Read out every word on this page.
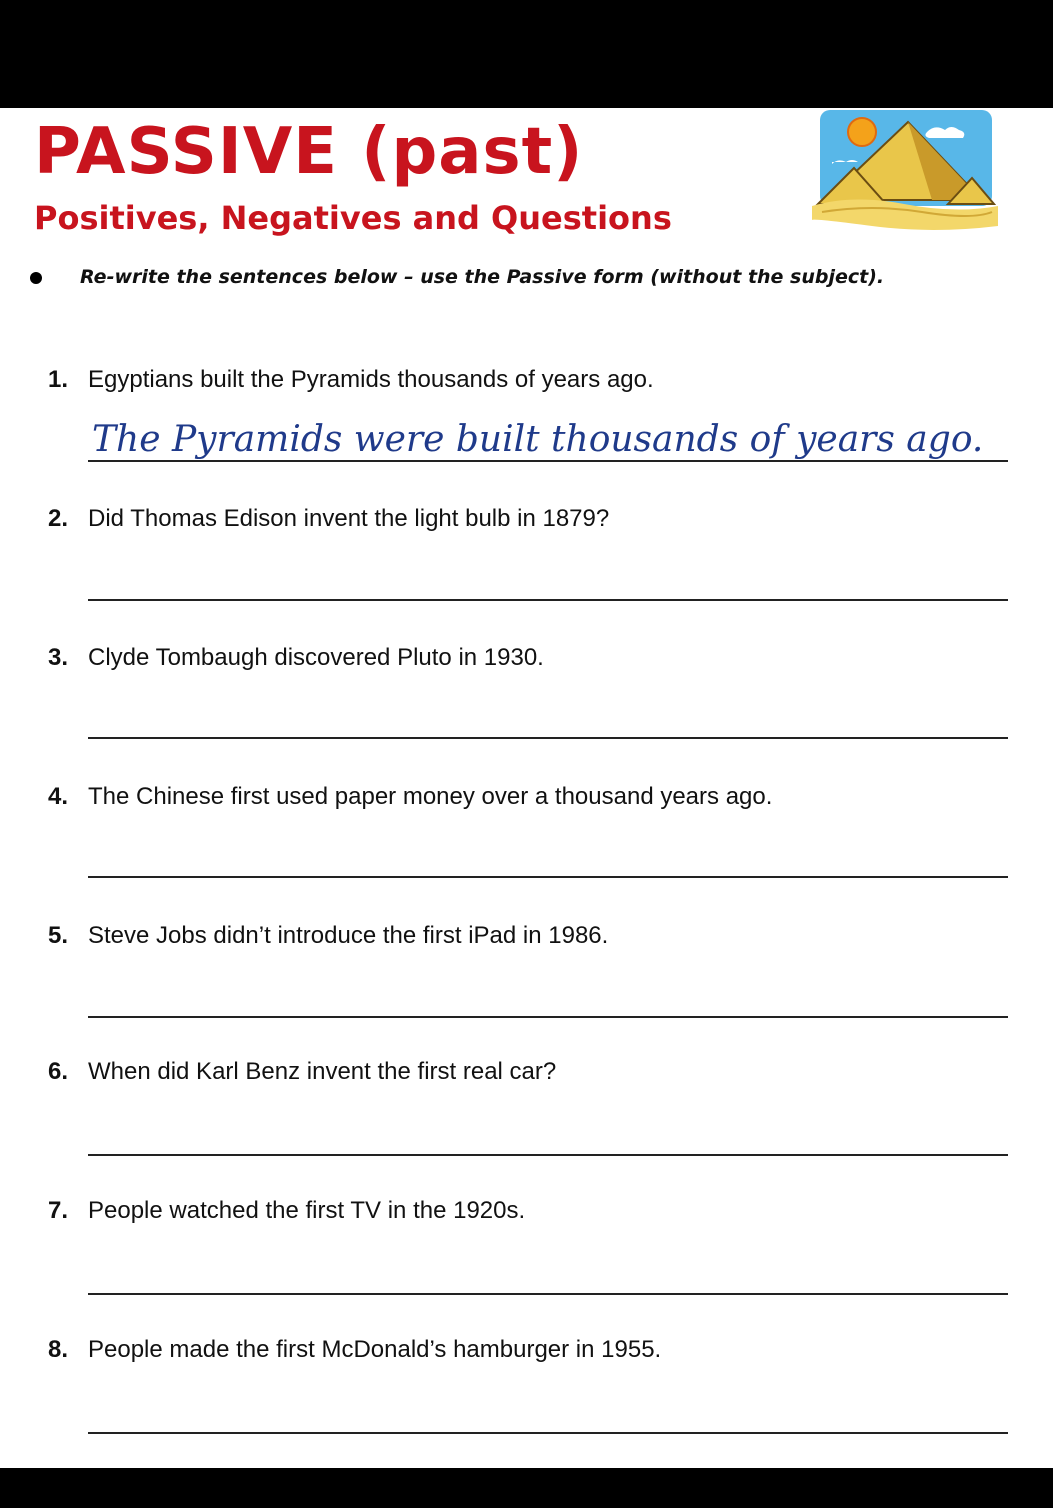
PASSIVE (past)
Positives, Negatives and Questions
Re-write the sentences below – use the Passive form (without the subject).
1. Egyptians built the Pyramids thousands of years ago.
The Pyramids were built thousands of years ago.
2. Did Thomas Edison invent the light bulb in 1879?
3. Clyde Tombaugh discovered Pluto in 1930.
4. The Chinese first used paper money over a thousand years ago.
5. Steve Jobs didn’t introduce the first iPad in 1986.
6. When did Karl Benz invent the first real car?
7. People watched the first TV in the 1920s.
8. People made the first McDonald’s hamburger in 1955.
